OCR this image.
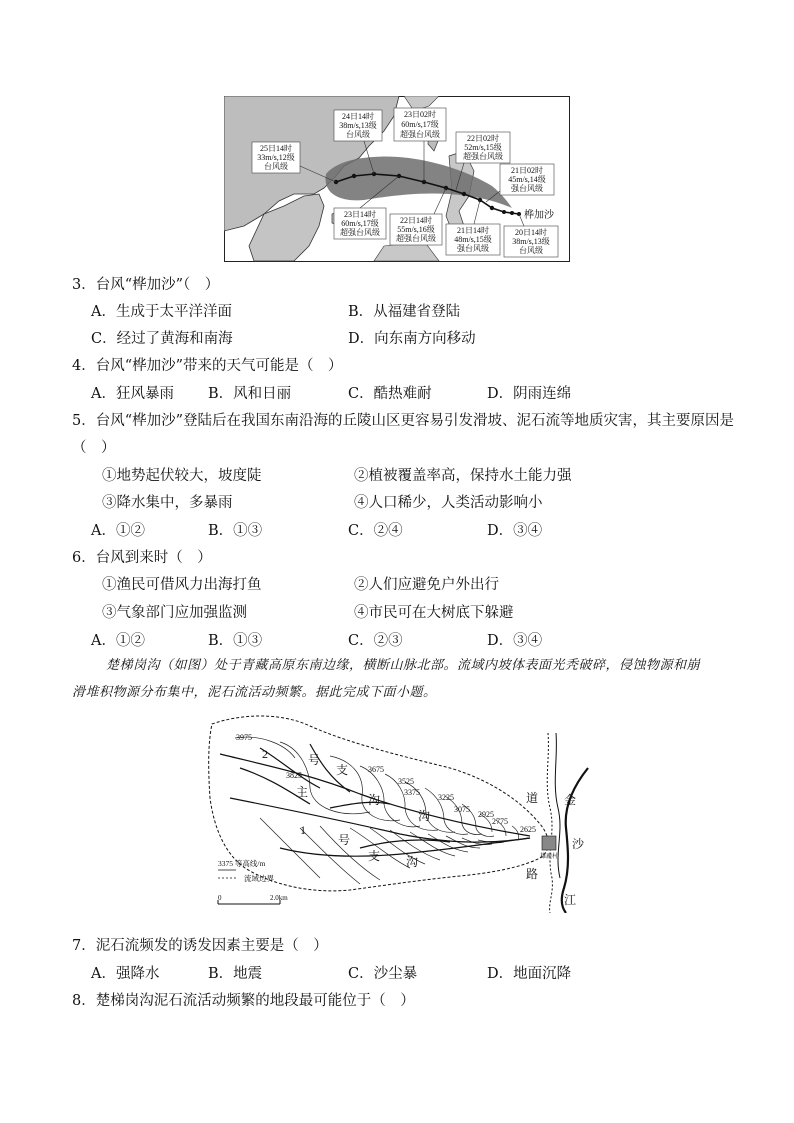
25日14时
33m/s,12级
台风级
24日14时
38m/s,13级
台风级
23日02时
60m/s,17级
超强台风级	22日02时
52m/s,15级
超强台风级
21日02时
45m/s,14级
强台风级
23日14时
60m/s,17级
超强台风级
22日14时
55m/s,16级
超强台风级
21日14时
48m/s,15级
强台风级
20日14时
38m/s,13级
台风级
桦加沙
3．台风“桦加沙”（　）
A．生成于太平洋洋面	B．从福建省登陆
C．经过了黄海和南海	D．向东南方向移动
4．台风“桦加沙”带来的天气可能是（　）
A．狂风暴雨 B．风和日丽	C．酷热难耐	D．阴雨连绵
5．台风“桦加沙”登陆后在我国东南沿海的丘陵山区更容易引发滑坡、泥石流等地质灾害，其主要原因是
（　）
①地势起伏较大，坡度陡	②植被覆盖率高，保持水土能力强
③降水集中，多暴雨	④人口稀少，人类活动影响小
A．①②	B．①③	C．②④	D．③④
6．台风到来时（　）
①渔民可借风力出海打鱼	②人们应避免户外出行
③气象部门应加强监测	④市民可在大树底下躲避
A．①②	B．①③	C．②③	D．③④
楚梯岗沟（如图）处于青藏高原东南边缘，横断山脉北部。流域内坡体表面光秃破碎，侵蚀物源和崩
滑堆积物源分布集中，泥石流活动频繁。据此完成下面小题。
3975
3825
3675
3525
3375
3225
3075
2925
2775
2625
2	号
支
沟
主
沟
1
号
支 沟
道
路
金
沙
江
雄鹿村
3375 等高线/m
流域边界
0	2.0km
7．泥石流频发的诱发因素主要是（　）
A．强降水	B．地震	C．沙尘暴	D．地面沉降
8．楚梯岗沟泥石流活动频繁的地段最可能位于（　）
